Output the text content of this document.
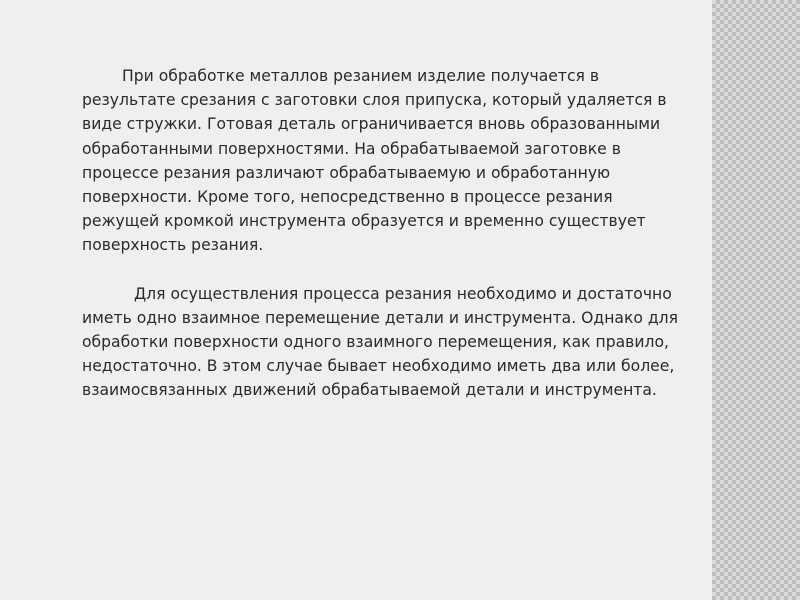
При обработке металлов резанием изделие получается в результате срезания с заготовки слоя припуска, который удаляется в виде стружки. Готовая деталь ограничивается вновь образованными обработанными поверхностями. На обрабатываемой заготовке в процессе резания различают обрабатываемую и обработанную поверхности. Кроме того, непосредственно в процессе резания режущей кромкой инструмента образуется и временно существует поверхность резания.

Для осуществления процесса резания необходимо и достаточно иметь одно взаимное перемещение детали и инструмента. Однако для обработки поверхности одного взаимного перемещения, как правило, недостаточно. В этом случае бывает необходимо иметь два или более, взаимосвязанных движений обрабатываемой детали и инструмента.
